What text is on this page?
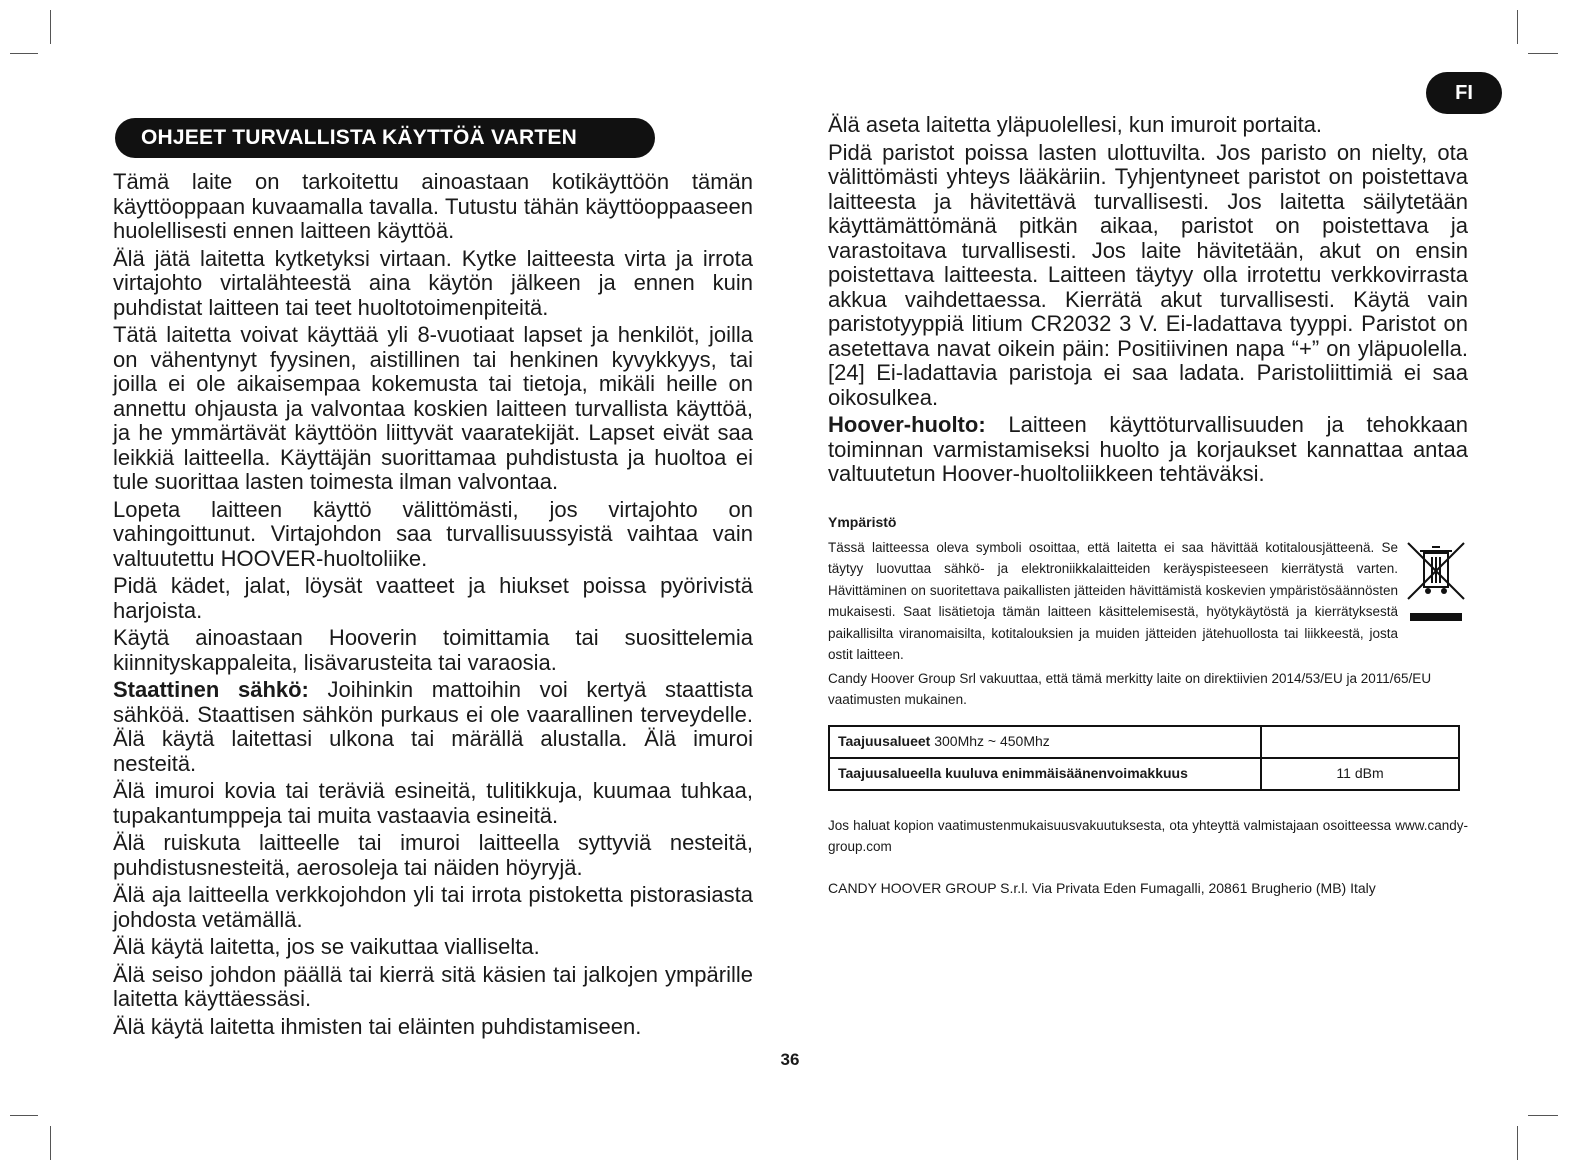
FI
OHJEET TURVALLISTA KÄYTTÖÄ VARTEN

Tämä laite on tarkoitettu ainoastaan kotikäyttöön tämän käyttöoppaan kuvaamalla tavalla. Tutustu tähän käyttöoppaaseen huolellisesti ennen laitteen käyttöä.

Älä jätä laitetta kytketyksi virtaan. Kytke laitteesta virta ja irrota virtajohto virtalähteestä aina käytön jälkeen ja ennen kuin puhdistat laitteen tai teet huoltotoimenpiteitä.

Tätä laitetta voivat käyttää yli 8-vuotiaat lapset ja henkilöt, joilla on vähentynyt fyysinen, aistillinen tai henkinen kyvykkyys, tai joilla ei ole aikaisempaa kokemusta tai tietoja, mikäli heille on annettu ohjausta ja valvontaa koskien laitteen turvallista käyttöä, ja he ymmärtävät käyttöön liittyvät vaaratekijät. Lapset eivät saa leikkiä laitteella. Käyttäjän suorittamaa puhdistusta ja huoltoa ei tule suorittaa lasten toimesta ilman valvontaa.

Lopeta laitteen käyttö välittömästi, jos virtajohto on vahingoittunut. Virtajohdon saa turvallisuussyistä vaihtaa vain valtuutettu HOOVER-huoltoliike.

Pidä kädet, jalat, löysät vaatteet ja hiukset poissa pyörivistä harjoista.

Käytä ainoastaan Hooverin toimittamia tai suosittelemia kiinnityskappaleita, lisävarusteita tai varaosia.

Staattinen sähkö: Joihinkin mattoihin voi kertyä staattista sähköä. Staattisen sähkön purkaus ei ole vaarallinen terveydelle. Älä käytä laitettasi ulkona tai märällä alustalla. Älä imuroi nesteitä.

Älä imuroi kovia tai teräviä esineitä, tulitikkuja, kuumaa tuhkaa, tupakantumppeja tai muita vastaavia esineitä.

Älä ruiskuta laitteelle tai imuroi laitteella syttyviä nesteitä, puhdistusnesteitä, aerosoleja tai näiden höyryjä.

Älä aja laitteella verkkojohdon yli tai irrota pistoketta pistorasiasta johdosta vetämällä.

Älä käytä laitetta, jos se vaikuttaa vialliselta.

Älä seiso johdon päällä tai kierrä sitä käsien tai jalkojen ympärille laitetta käyttäessäsi.

Älä käytä laitetta ihmisten tai eläinten puhdistamiseen.

Älä aseta laitetta yläpuolellesi, kun imuroit portaita.

Pidä paristot poissa lasten ulottuvilta. Jos paristo on nielty, ota välittömästi yhteys lääkäriin. Tyhjentyneet paristot on poistettava laitteesta ja hävitettävä turvallisesti. Jos laitetta säilytetään käyttämättömänä pitkän aikaa, paristot on poistettava ja varastoitava turvallisesti. Jos laite hävitetään, akut on ensin poistettava laitteesta. Laitteen täytyy olla irrotettu verkkovirrasta akkua vaihdettaessa. Kierrätä akut turvallisesti. Käytä vain paristotyyppiä litium CR2032 3 V. Ei-ladattava tyyppi. Paristot on asetettava navat oikein päin: Positiivinen napa “+” on yläpuolella. [24] Ei-ladattavia paristoja ei saa ladata. Paristoliittimiä ei saa oikosulkea.

Hoover-huolto: Laitteen käyttöturvallisuuden ja tehokkaan toiminnan varmistamiseksi huolto ja korjaukset kannattaa antaa valtuutetun Hoover-huoltoliikkeen tehtäväksi.

Ympäristö

Tässä laitteessa oleva symboli osoittaa, että laitetta ei saa hävittää kotitalousjätteenä. Se täytyy luovuttaa sähkö- ja elektroniikkalaitteiden keräyspisteeseen kierrätystä varten. Hävittäminen on suoritettava paikallisten jätteiden hävittämistä koskevien ympäristösäännösten mukaisesti. Saat lisätietoja tämän laitteen käsittelemisestä, hyötykäytöstä ja kierrätyksestä paikallisilta viranomaisilta, kotitalouksien ja muiden jätteiden jätehuollosta tai liikkeestä, josta ostit laitteen.

Candy Hoover Group Srl vakuuttaa, että tämä merkitty laite on direktiivien 2014/53/EU ja 2011/65/EU vaatimusten mukainen.

Taajuusalueet 300Mhz ~ 450Mhz	
Taajuusalueella kuuluva enimmäisäänenvoimakkuus	11 dBm
Jos haluat kopion vaatimustenmukaisuusvakuutuksesta, ota yhteyttä valmistajaan osoitteessa www.candy-group.com
CANDY HOOVER GROUP S.r.l. Via Privata Eden Fumagalli, 20861 Brugherio (MB) Italy
36
